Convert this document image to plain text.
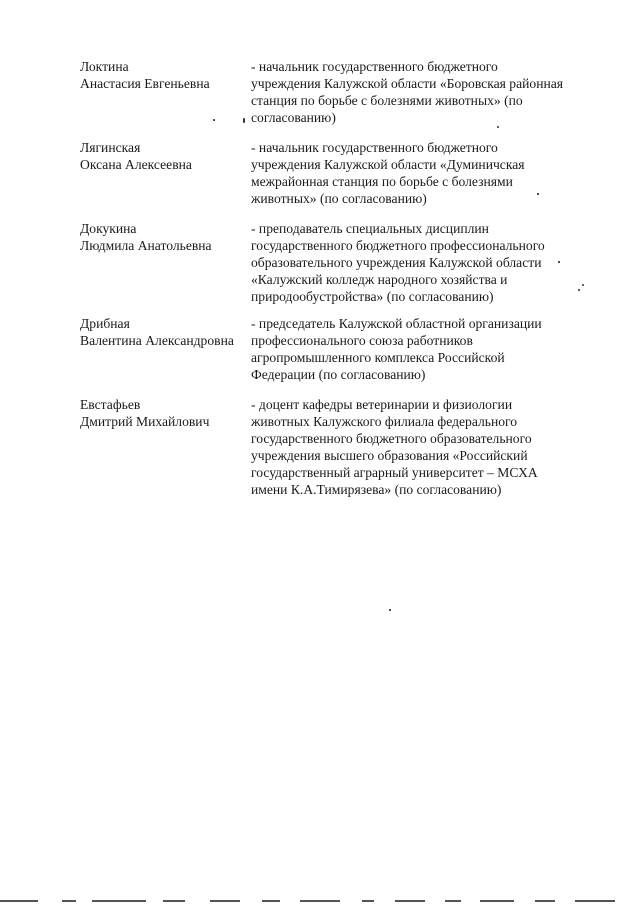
Локтина
Анастасия Евгеньевна
- начальник государственного бюджетного
учреждения Калужской области «Боровская районная
станция по борьбе с болезнями животных» (по
согласованию)
Лягинская
Оксана Алексеевна
- начальник государственного бюджетного
учреждения Калужской области «Думиничская
межрайонная станция по борьбе с болезнями
животных» (по согласованию)
Докукина
Людмила Анатольевна
- преподаватель специальных дисциплин
государственного бюджетного профессионального
образовательного учреждения Калужской области
«Калужский колледж народного хозяйства и
природообустройства» (по согласованию)
Дрибная
Валентина Александровна
- председатель Калужской областной организации
профессионального союза работников
агропромышленного комплекса Российской
Федерации (по согласованию)
Евстафьев
Дмитрий Михайлович
- доцент кафедры ветеринарии и физиологии
животных Калужского филиала федерального
государственного бюджетного образовательного
учреждения высшего образования «Российский
государственный аграрный университет – МСХА
имени К.А.Тимирязева» (по согласованию)
